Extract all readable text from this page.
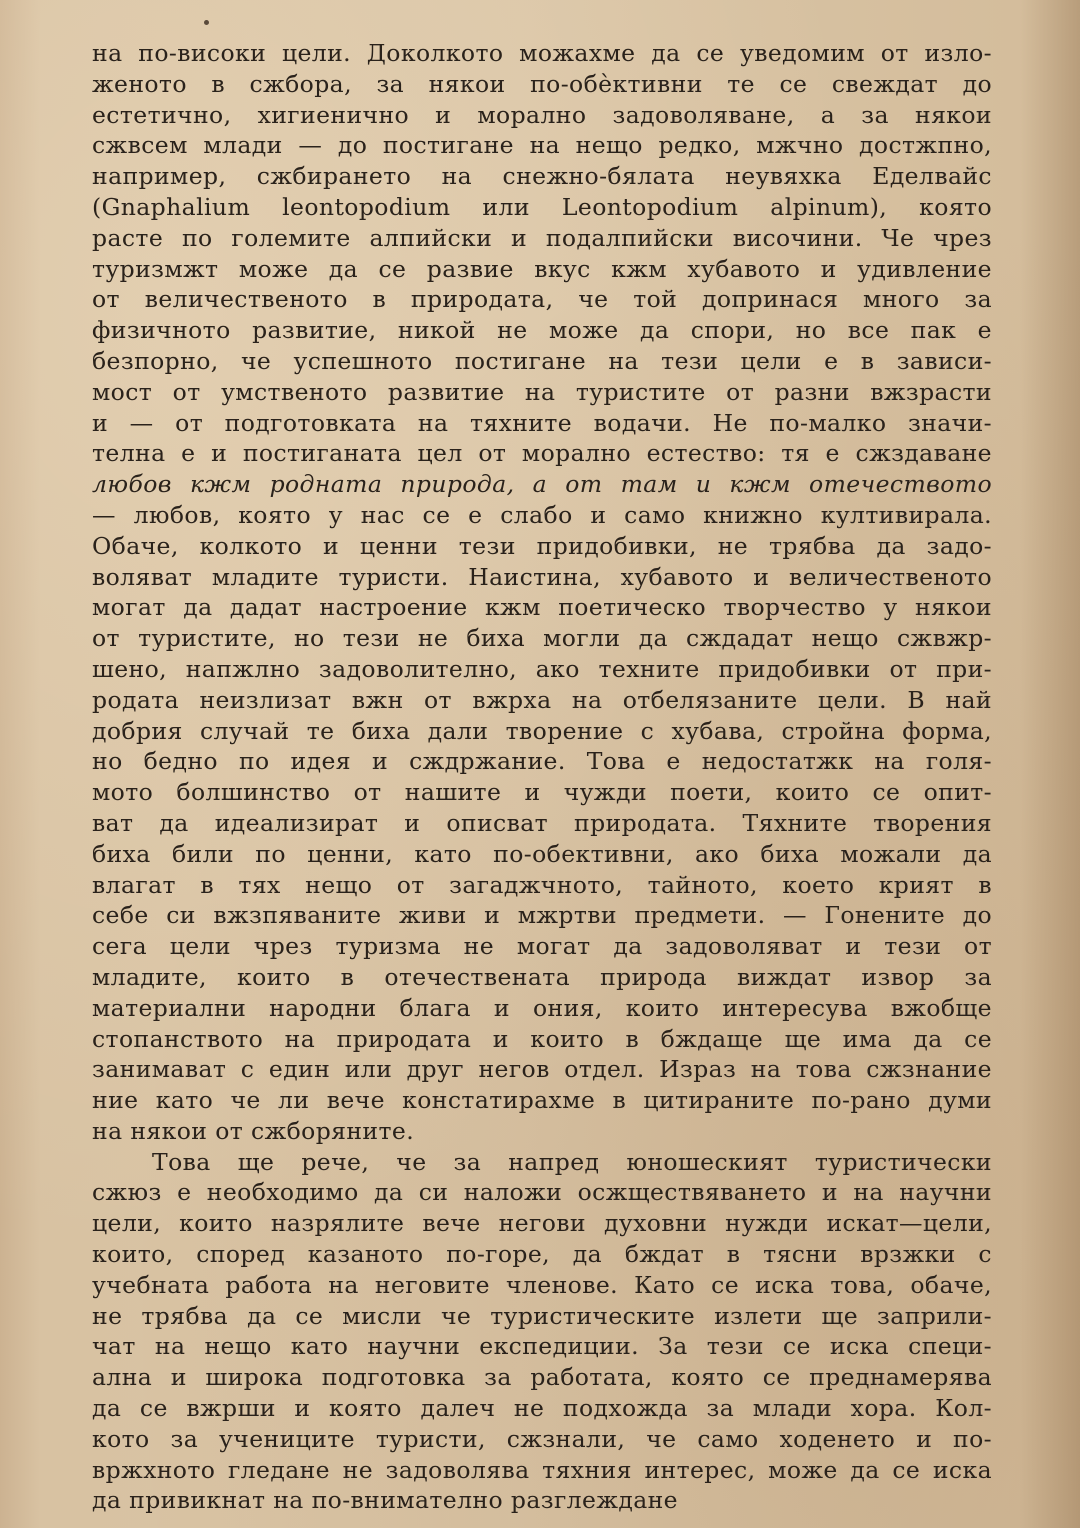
на по-високи цели. Доколкото можахме да се уведомим от изло-
женото в сжбора, за някои по-обѐктивни те се свеждат до
естетично, хигиенично и морално задоволяване, а за някои
сжвсем млади — до постигане на нещо редко, мжчно достжпно,
например, сжбирането на снежно-бялата неувяхка Еделвайс
(Gnaphalium leontopodium или Leontopodium alpinum), която
расте по големите алпийски и подалпийски височини. Че чрез
туризмжт може да се развие вкус кжм хубавото и удивление
от величественото в природата, че той допринася много за
физичното развитие, никой не може да спори, но все пак е
безпорно, че успешното постигане на тези цели е в зависи-
мост от умственото развитие на туристите от разни вжзрасти
и — от подготовката на тяхните водачи. Не по-малко значи-
телна е и постиганата цел от морално естество: тя е сжздаване
любов кжм родната природа, а от там и кжм отечеството
— любов, която у нас се е слабо и само книжно култивирала.
Обаче, колкото и ценни тези придобивки, не трябва да задо-
воляват младите туристи. Наистина, хубавото и величественото
могат да дадат настроение кжм поетическо творчество у някои
от туристите, но тези не биха могли да сждадат нещо сжвжр-
шено, напжлно задоволително, ако техните придобивки от при-
родата неизлизат вжн от вжрха на отбелязаните цели. В най
добрия случай те биха дали творение с хубава, стройна форма,
но бедно по идея и сждржание. Това е недостатжк на голя-
мото болшинство от нашите и чужди поети, които се опит-
ват да идеализират и описват природата. Тяхните творения
биха били по ценни, като по-обективни, ако биха можали да
влагат в тях нещо от загаджчното, тайното, което крият в
себе си вжзпяваните живи и мжртви предмети. — Гонените до
сега цели чрез туризма не могат да задоволяват и тези от
младите, които в отечествената природа виждат извор за
материални народни блага и ония, които интересува вжобще
стопанството на природата и които в бждаще ще има да се
занимават с един или друг негов отдел. Израз на това сжзнание
ние като че ли вече констатирахме в цитираните по-рано думи
на някои от сжборяните.
Това ще рече, че за напред юношеският туристически
сжюз е необходимо да си наложи осжществяването и на научни
цели, които назрялите вече негови духовни нужди искат—цели,
които, според казаното по-горе, да бждат в тясни врзжки с
учебната работа на неговите членове. Като се иска това, обаче,
не трябва да се мисли че туристическите излети ще заприли-
чат на нещо като научни експедиции. За тези се иска специ-
ална и широка подготовка за работата, която се преднамерява
да се вжрши и която далеч не подхожда за млади хора. Кол-
кото за учениците туристи, сжзнали, че само ходенето и по-
вржхното гледане не задоволява тяхния интерес, може да се иска
да привикнат на по-внимателно разглеждане
